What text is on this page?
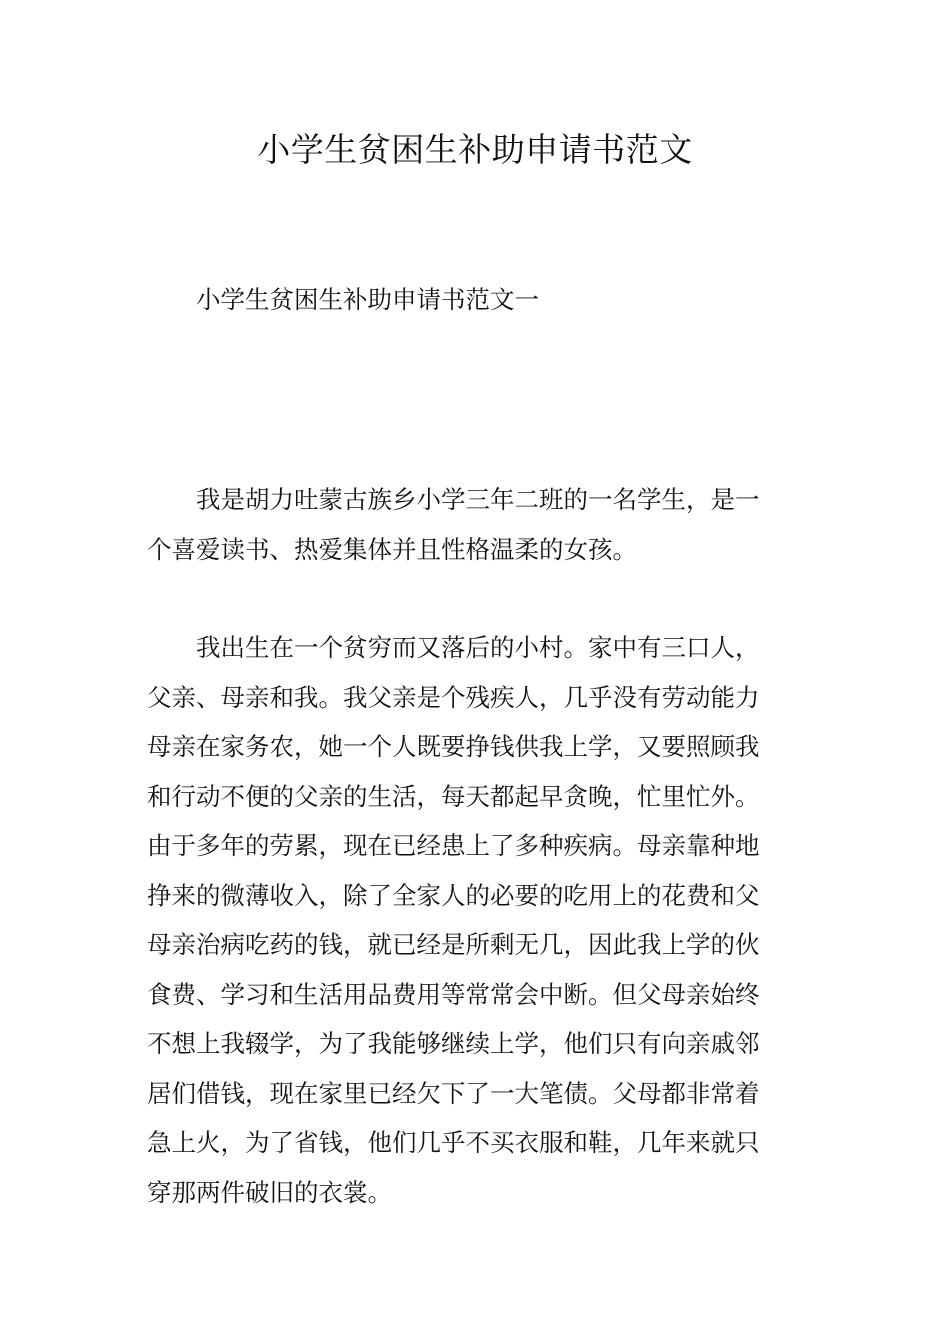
小学生贫困生补助申请书范文

小学生贫困生补助申请书范文一

我是胡力吐蒙古族乡小学三年二班的一名学生，是一
个喜爱读书、热爱集体并且性格温柔的女孩。
我出生在一个贫穷而又落后的小村。家中有三口人，
父亲、母亲和我。我父亲是个残疾人，几乎没有劳动能力
母亲在家务农，她一个人既要挣钱供我上学，又要照顾我
和行动不便的父亲的生活，每天都起早贪晚，忙里忙外。
由于多年的劳累，现在已经患上了多种疾病。母亲靠种地
挣来的微薄收入，除了全家人的必要的吃用上的花费和父
母亲治病吃药的钱，就已经是所剩无几，因此我上学的伙
食费、学习和生活用品费用等常常会中断。但父母亲始终
不想上我辍学，为了我能够继续上学，他们只有向亲戚邻
居们借钱，现在家里已经欠下了一大笔债。父母都非常着
急上火，为了省钱，他们几乎不买衣服和鞋，几年来就只
穿那两件破旧的衣裳。
